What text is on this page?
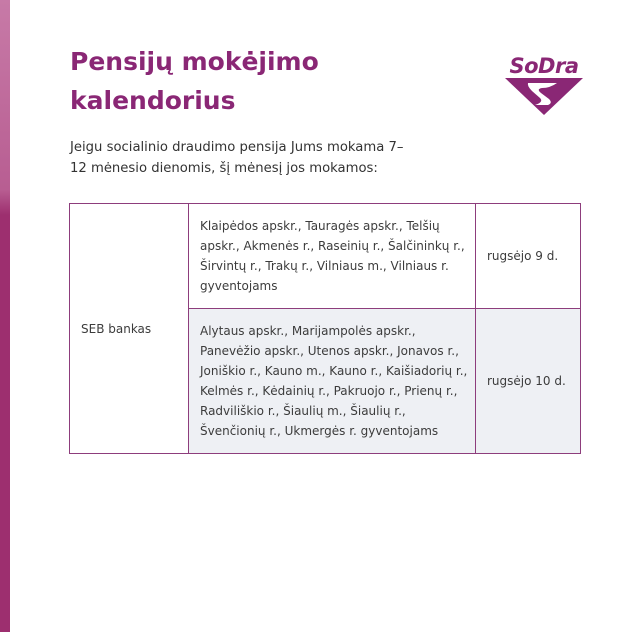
Pensijų mokėjimo kalendorius
SoDra

Jeigu socialinio draudimo pensija Jums mokama 7–12 mėnesio dienomis, šį mėnesį jos mokamos:

SEB bankas	Klaipėdos apskr., Tauragės apskr., Telšių apskr., Akmenės r., Raseinių r., Šalčininkų r., Širvintų r., Trakų r., Vilniaus m., Vilniaus r. gyventojams	rugsėjo 9 d.
	Alytaus apskr., Marijampolės apskr., Panevėžio apskr., Utenos apskr., Jonavos r., Joniškio r., Kauno m., Kauno r., Kaišiadorių r., Kelmės r., Kėdainių r., Pakruojo r., Prienų r., Radviliškio r., Šiaulių m., Šiaulių r., Švenčionių r., Ukmergės r. gyventojams	rugsėjo 10 d.
